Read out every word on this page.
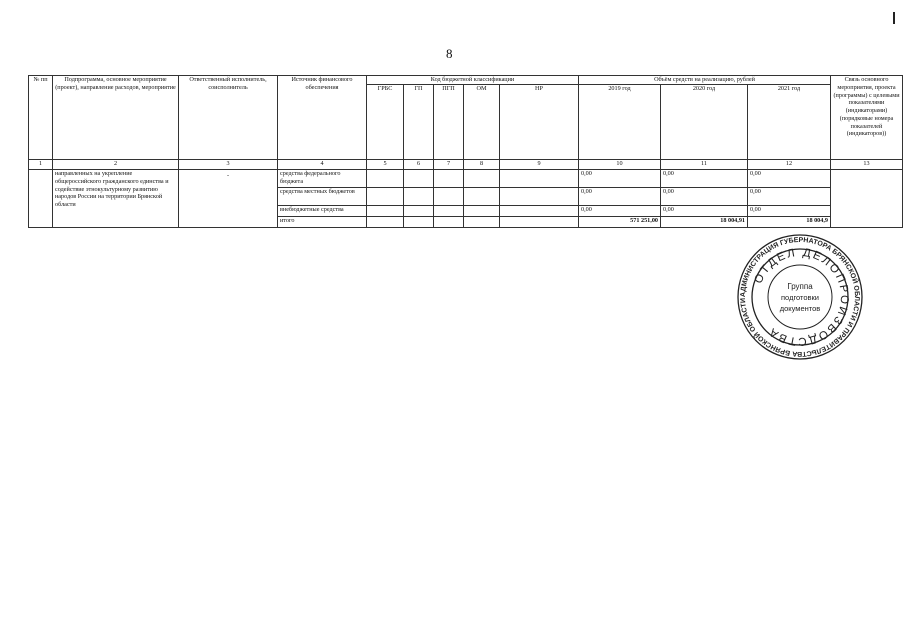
8
№ пп	Подпрограмма, основное мероприятие (проект), направление расходов, мероприятие	Ответственный исполнитель, соисполнитель	Источник финансового обеспечения	Код бюджетной классификации					Объём средств на реализацию, рублей			Связь основного мероприятия, проекта (программы) с целевыми показателями (индикаторами) (порядковые номера показателей (индикаторов))
				ГРБС	ГП	ПГП	ОМ	НР	2019 год	2020 год	2021 год	
1	2	3	4	5	6	7	8	9	10	11	12	13
	направленных на укрепление общероссийского гражданского единства и содействие этнокультурному развитию народов России на территории Брянской области	-	средства федерального бюджета						0,00	0,00	0,00	
			средства местных бюджетов						0,00	0,00	0,00	
			внебюджетные средства						0,00	0,00	0,00	
			итого						571 251,00	18 004,91	18 004,9	
АДМИНИСТРАЦИЯ ГУБЕРНАТОРА БРЯНСКОЙ ОБЛАСТИ И ПРАВИТЕЛЬСТВА БРЯНСКОЙ ОБЛАСТИ
ОТДЕЛ ДЕЛОПРОИЗВОДСТВА
Группа
подготовки
документов
